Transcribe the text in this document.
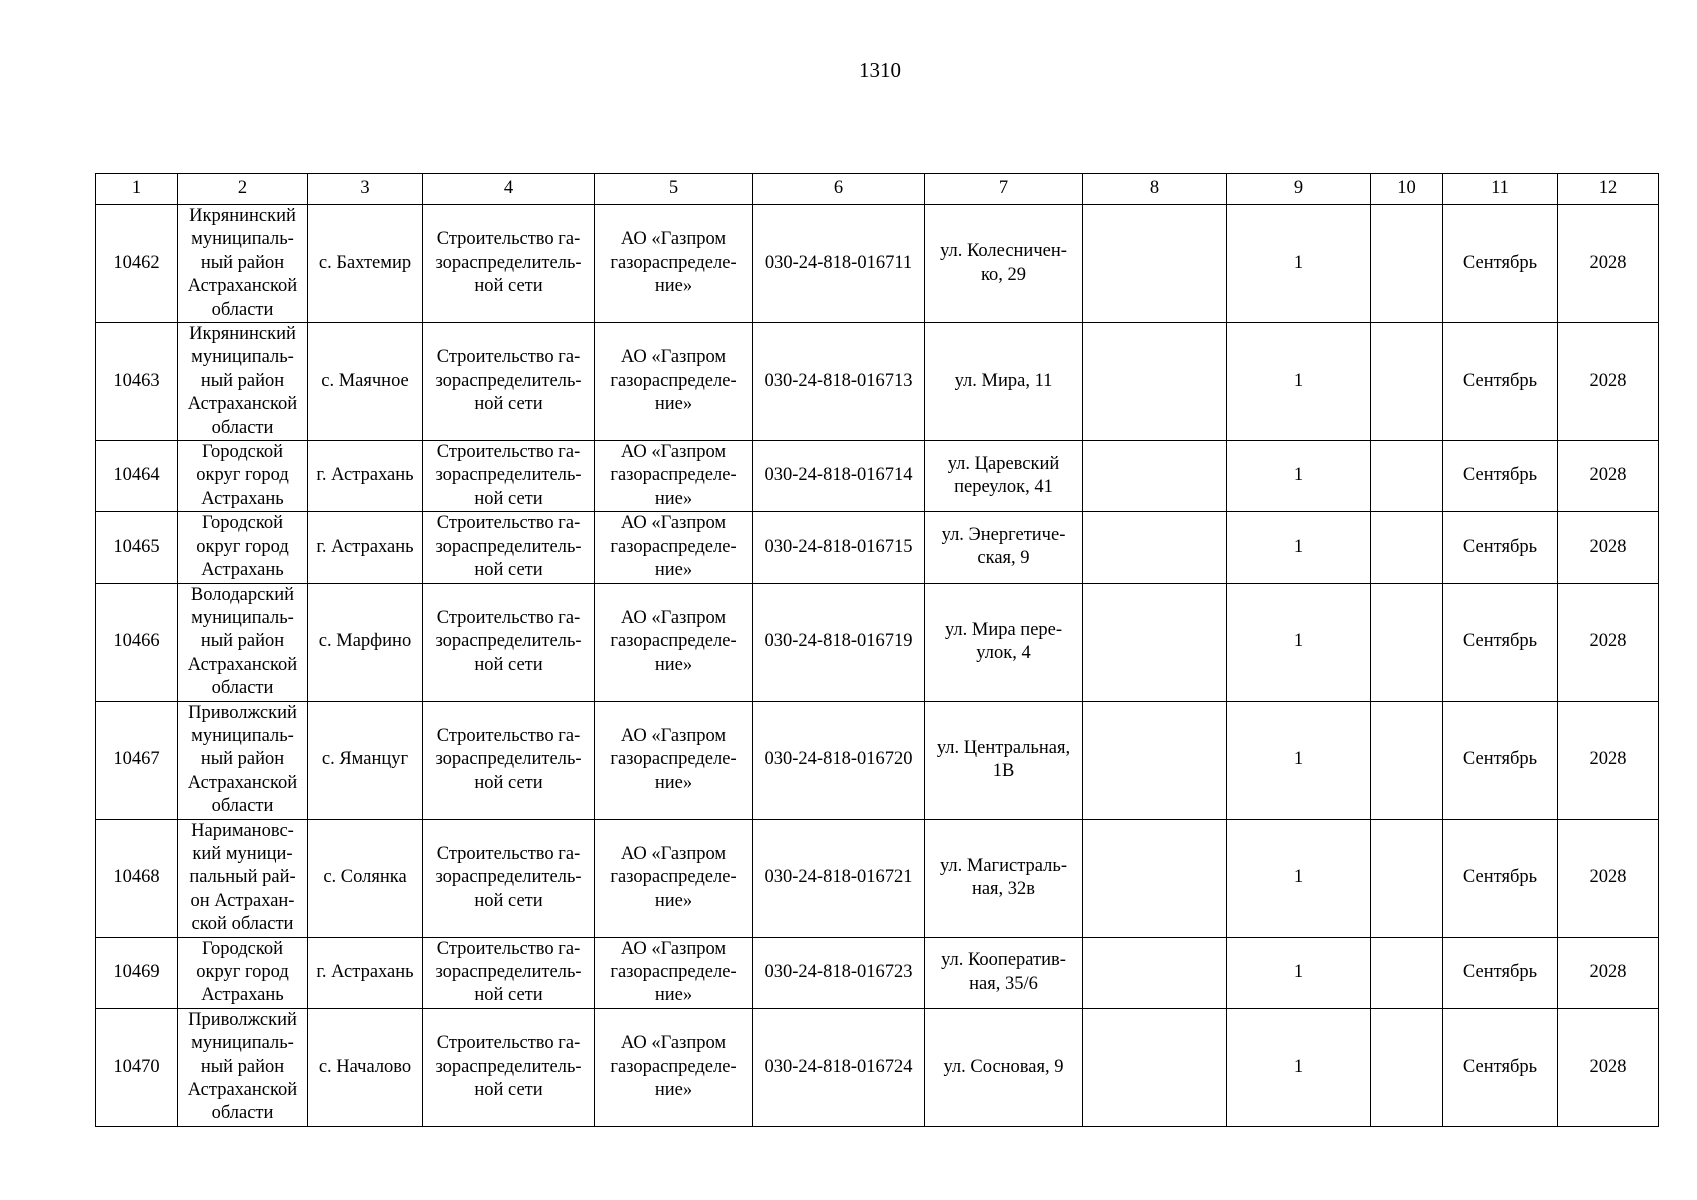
1310
1	2	3	4	5	6	7	8	9	10	11	12

10462	Икрянинский
муниципаль-
ный район
Астраханской
области	с. Бахтемир	Строительство га-
зораспределитель-
ной сети	АО «Газпром
газораспределе-
ние»	030-24-818-016711	ул. Колесничен-
ко, 29		1		Сентябрь	2028

10463	Икрянинский
муниципаль-
ный район
Астраханской
области	с. Маячное	Строительство га-
зораспределитель-
ной сети	АО «Газпром
газораспределе-
ние»	030-24-818-016713	ул. Мира, 11		1		Сентябрь	2028

10464	Городской
округ город
Астрахань	г. Астрахань	Строительство га-
зораспределитель-
ной сети	АО «Газпром
газораспределе-
ние»	030-24-818-016714	ул. Царевский
переулок, 41		1		Сентябрь	2028

10465	Городской
округ город
Астрахань	г. Астрахань	Строительство га-
зораспределитель-
ной сети	АО «Газпром
газораспределе-
ние»	030-24-818-016715	ул. Энергетиче-
ская, 9		1		Сентябрь	2028

10466	Володарский
муниципаль-
ный район
Астраханской
области	с. Марфино	Строительство га-
зораспределитель-
ной сети	АО «Газпром
газораспределе-
ние»	030-24-818-016719	ул. Мира пере-
улок, 4		1		Сентябрь	2028

10467	Приволжский
муниципаль-
ный район
Астраханской
области	с. Яманцуг	Строительство га-
зораспределитель-
ной сети	АО «Газпром
газораспределе-
ние»	030-24-818-016720	ул. Центральная,
1В		1		Сентябрь	2028

10468	Наримановс-
кий муници-
пальный рай-
он Астрахан-
ской области	с. Солянка	Строительство га-
зораспределитель-
ной сети	АО «Газпром
газораспределе-
ние»	030-24-818-016721	ул. Магистраль-
ная, 32в		1		Сентябрь	2028

10469	Городской
округ город
Астрахань	г. Астрахань	Строительство га-
зораспределитель-
ной сети	АО «Газпром
газораспределе-
ние»	030-24-818-016723	ул. Кооператив-
ная, 35/6		1		Сентябрь	2028

10470	Приволжский
муниципаль-
ный район
Астраханской
области	с. Началово	Строительство га-
зораспределитель-
ной сети	АО «Газпром
газораспределе-
ние»	030-24-818-016724	ул. Сосновая, 9		1		Сентябрь	2028
